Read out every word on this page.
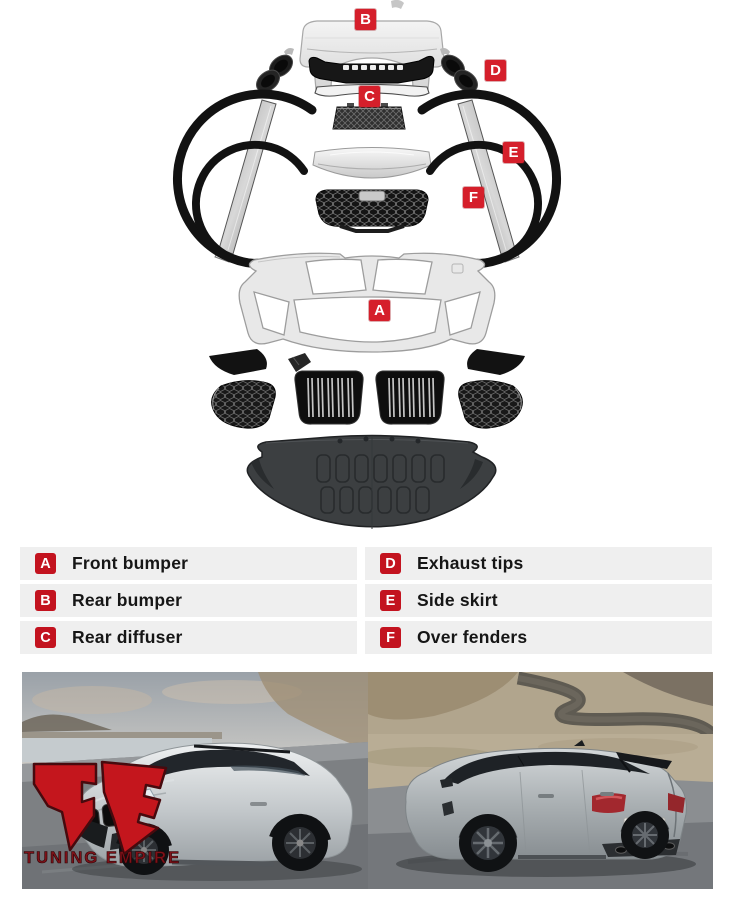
A
B
C
D
E
F
A	Front bumper	D	Exhaust tips
B	Rear bumper	E	Side skirt
C	Rear diffuser	F	Over fenders
TUNING EMPIRE
